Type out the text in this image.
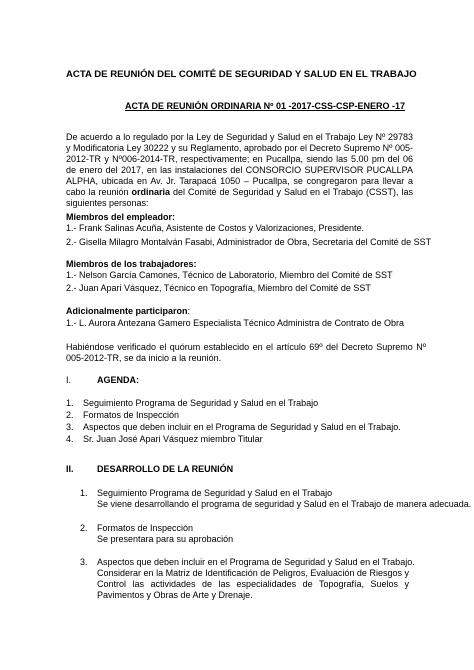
ACTA DE REUNIÓN DEL COMITÉ DE SEGURIDAD Y SALUD EN EL TRABAJO
ACTA DE REUNIÓN ORDINARIA Nº 01 -2017-CSS-CSP-ENERO -17
De acuerdo a lo regulado por la Ley de Seguridad y Salud en el Trabajo Ley Nº 29783 y Modificatoria Ley 30222 y su Reglamento, aprobado por el Decreto Supremo Nº 005-2012-TR y Nº006-2014-TR, respectivamente; en Pucallpa, siendo las 5.00 pm del 06 de enero del 2017, en las instalaciones del CONSORCIO SUPERVISOR PUCALLPA ALPHA, ubicada en Av. Jr. Tarapacá 1050 – Pucallpa, se congregaron para llevar a cabo la reunión ordinaria del Comité de Seguridad y Salud en el Trabajo (CSST), las siguientes personas:
Miembros del empleador:
1.- Frank Salinas Acuña, Asistente de Costos y Valorizaciones, Presidente.
2.- Gisella Milagro Montalván Fasabi, Administrador de Obra, Secretaria del Comité de SST
Miembros de los trabajadores:
1.- Nelson García Camones, Técnico de Laboratorio, Miembro del Comité de SST
2.- Juan Apari Vásquez, Técnico en Topografía, Miembro del Comité de SST
Adicionalmente participaron:
1.- L. Aurora Antezana Gamero Especialista Técnico Administra de Contrato de Obra
Habiéndose verificado el quórum establecido en el artículo 69º del Decreto Supremo Nº 005-2012-TR, se da inicio a la reunión.
I.	AGENDA:
1. Seguimiento Programa de Seguridad y Salud en el Trabajo
2. Formatos de Inspección
3. Aspectos que deben incluir en el Programa de Seguridad y Salud en el Trabajo.
4. Sr. Juan José Apari Vásquez miembro Titular
II.	DESARROLLO DE LA REUNIÓN
1. Seguimiento Programa de Seguridad y Salud en el Trabajo
Se viene desarrollando el programa de seguridad y Salud en el Trabajo de manera adecuada.
2. Formatos de Inspección
Se presentara para su aprobación
3. Aspectos que deben incluir en el Programa de Seguridad y Salud en el Trabajo.
Considerar en la Matriz de Identificación de Peligros, Evaluación de Riesgos y Control las actividades de las especialidades de Topografía, Suelos y Pavimentos y Obras de Arte y Drenaje.
